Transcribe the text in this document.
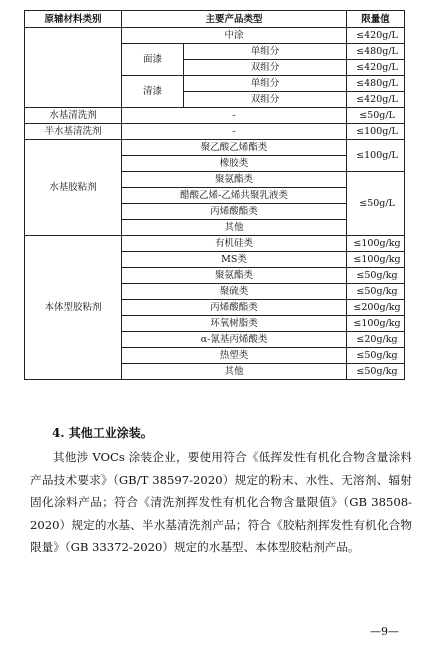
原辅材料类别	主要产品类型		限量值
	中涂		≤420g/L
	面漆	单组分	≤480g/L
		双组分	≤420g/L
	清漆	单组分	≤480g/L
		双组分	≤420g/L
水基清洗剂	-		≤50g/L
半水基清洗剂	-		≤100g/L
水基胶粘剂	聚乙酸乙烯酯类		≤100g/L
	橡胶类		
	聚氨酯类		≤50g/L
	醋酸乙烯-乙烯共聚乳液类		
	丙烯酸酯类		
	其他		
本体型胶粘剂	有机硅类		≤100g/kg
	MS类		≤100g/kg
	聚氨酯类		≤50g/kg
	聚硫类		≤50g/kg
	丙烯酸酯类		≤200g/kg
	环氧树脂类		≤100g/kg
	α-氰基丙烯酸类		≤20g/kg
	热塑类		≤50g/kg
	其他		≤50g/kg

4. 其他工业涂装。

其他涉 VOCs 涂装企业，要使用符合《低挥发性有机化合物含量涂料产品技术要求》（GB/T 38597-2020）规定的粉末、水性、无溶剂、辐射固化涂料产品；符合《清洗剂挥发性有机化合物含量限值》（GB 38508-2020）规定的水基、半水基清洗剂产品；符合《胶粘剂挥发性有机化合物限量》（GB 33372-2020）规定的水基型、本体型胶粘剂产品。

—9—
